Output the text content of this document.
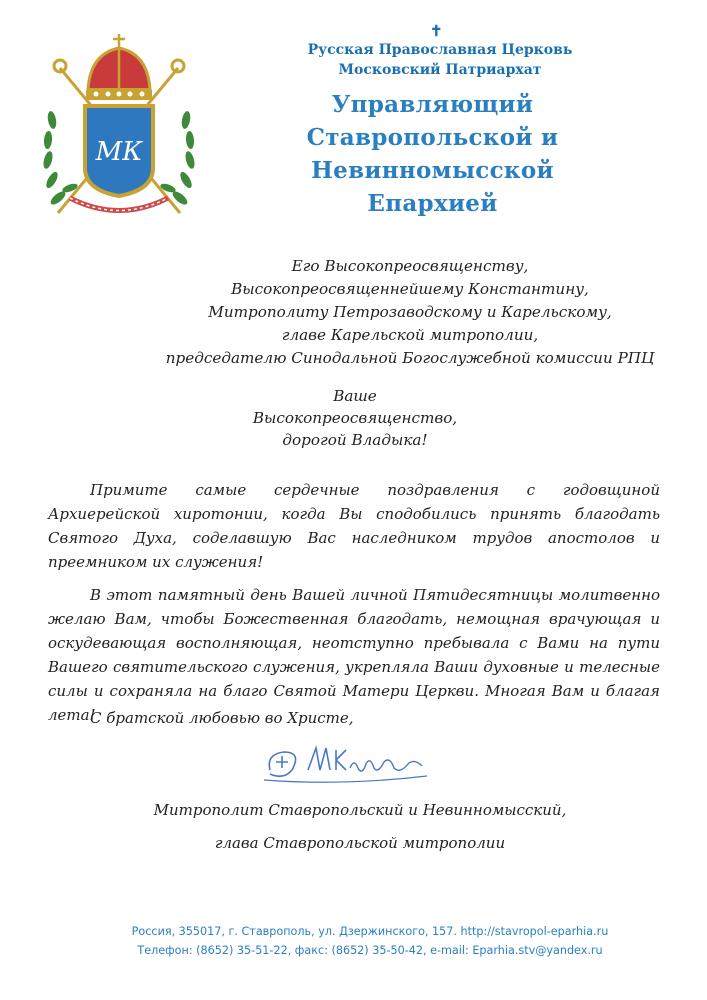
МК
✝
Русская Православная Церковь
Московский Патриархат
Управляющий
Ставропольской и Невинномысской
Епархией
Его Высокопреосвященству,
Высокопреосвященнейшему Константину,
Митрополиту Петрозаводскому и Карельскому,
главе Карельской митрополии,
председателю Синодальной Богослужебной комиссии РПЦ
Ваше Высокопреосвященство,
дорогой Владыка!

Примите самые сердечные поздравления с годовщиной Архиерейской хиротонии, когда Вы сподобились принять благодать Святого Духа, соделавшую Вас наследником трудов апостолов и преемником их служения!

В этот памятный день Вашей личной Пятидесятницы молитвенно желаю Вам, чтобы Божественная благодать, немощная врачующая и оскудевающая восполняющая, неотступно пребывала с Вами на пути Вашего святительского служения, укрепляла Ваши духовные и телесные силы и сохраняла на благо Святой Матери Церкви. Многая Вам и благая лета!

С братской любовью во Христе,
Митрополит Ставропольский и Невинномысский,
глава Ставропольской митрополии
Россия, 355017, г. Ставрополь, ул. Дзержинского, 157. http://stavropol-eparhia.ru
Телефон: (8652) 35-51-22, факс: (8652) 35-50-42, e-mail: Eparhia.stv@yandex.ru
